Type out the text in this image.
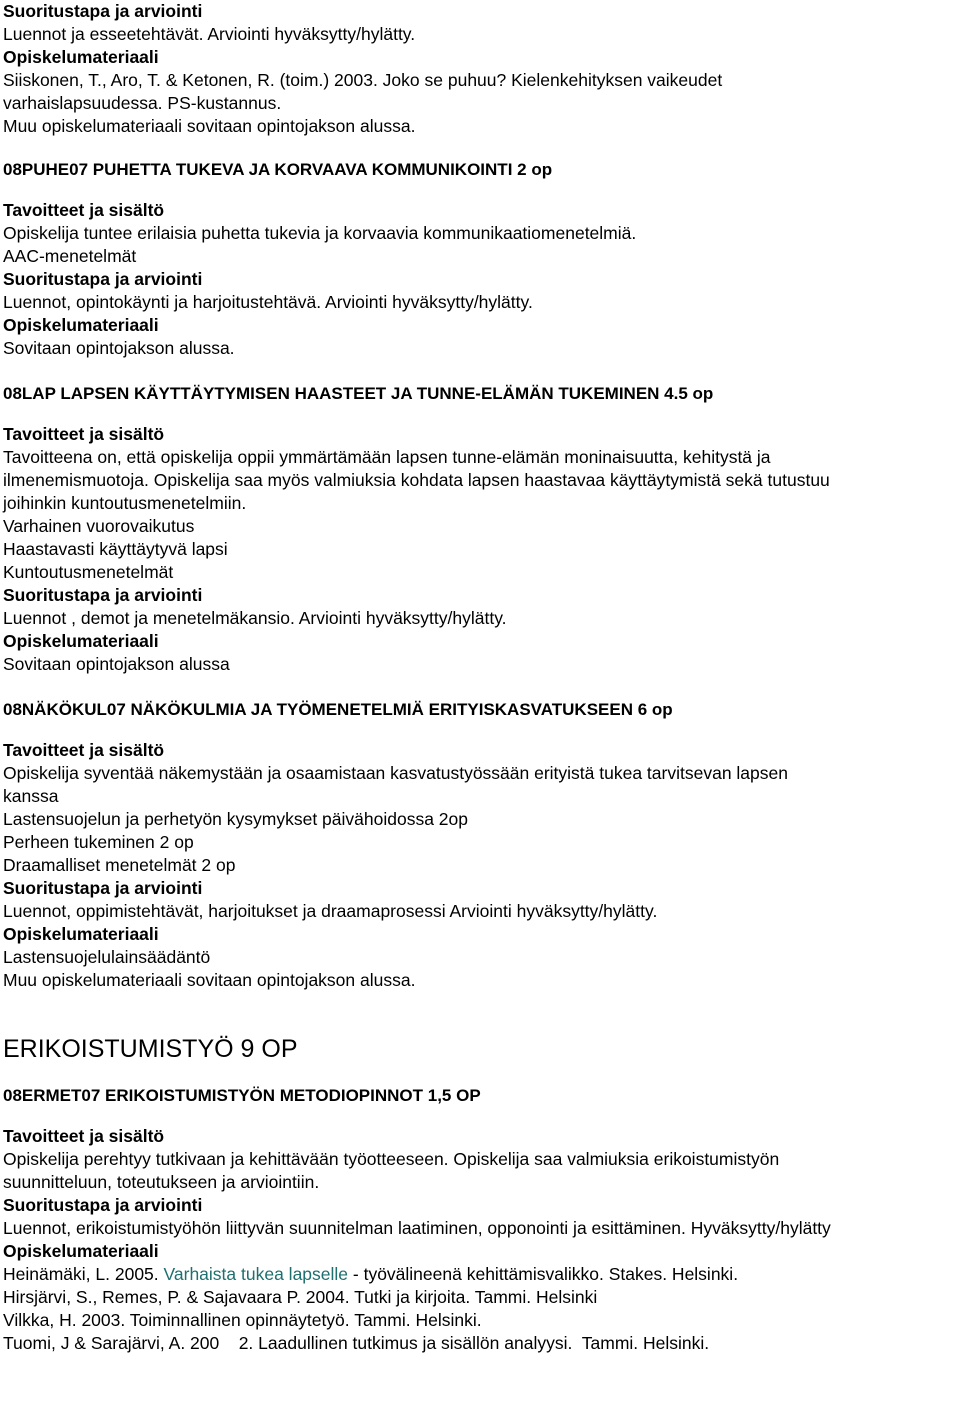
Suoritustapa ja arviointi
Luennot ja esseetehtävät. Arviointi hyväksytty/hylätty.
Opiskelumateriaali
Siiskonen, T., Aro, T. & Ketonen, R. (toim.) 2003. Joko se puhuu? Kielenkehityksen vaikeudet
varhaislapsuudessa. PS-kustannus.
Muu opiskelumateriaali sovitaan opintojakson alussa.
08PUHE07 PUHETTA TUKEVA JA KORVAAVA KOMMUNIKOINTI 2 op
Tavoitteet ja sisältö
Opiskelija tuntee erilaisia puhetta tukevia ja korvaavia kommunikaatiomenetelmiä.
AAC-menetelmät
Suoritustapa ja arviointi
Luennot, opintokäynti ja harjoitustehtävä. Arviointi hyväksytty/hylätty.
Opiskelumateriaali
Sovitaan opintojakson alussa.
08LAP LAPSEN KÄYTTÄYTYMISEN HAASTEET JA TUNNE-ELÄMÄN TUKEMINEN 4.5 op
Tavoitteet ja sisältö
Tavoitteena on, että opiskelija oppii ymmärtämään lapsen tunne-elämän moninaisuutta, kehitystä ja
ilmenemismuotoja. Opiskelija saa myös valmiuksia kohdata lapsen haastavaa käyttäytymistä sekä tutustuu
joihinkin kuntoutusmenetelmiin.
Varhainen vuorovaikutus
Haastavasti käyttäytyvä lapsi
Kuntoutusmenetelmät
Suoritustapa ja arviointi
Luennot , demot ja menetelmäkansio. Arviointi hyväksytty/hylätty.
Opiskelumateriaali
Sovitaan opintojakson alussa
08NÄKÖKUL07 NÄKÖKULMIA JA TYÖMENETELMIÄ ERITYISKASVATUKSEEN 6 op
Tavoitteet ja sisältö
Opiskelija syventää näkemystään ja osaamistaan kasvatustyössään erityistä tukea tarvitsevan lapsen
kanssa
Lastensuojelun ja perhetyön kysymykset päivähoidossa 2op
Perheen tukeminen 2 op
Draamalliset menetelmät 2 op
Suoritustapa ja arviointi
Luennot, oppimistehtävät, harjoitukset ja draamaprosessi Arviointi hyväksytty/hylätty.
Opiskelumateriaali
Lastensuojelulainsäädäntö
Muu opiskelumateriaali sovitaan opintojakson alussa.
ERIKOISTUMISTYÖ 9 OP
08ERMET07 ERIKOISTUMISTYÖN METODIOPINNOT 1,5 OP
Tavoitteet ja sisältö
Opiskelija perehtyy tutkivaan ja kehittävään työotteeseen. Opiskelija saa valmiuksia erikoistumistyön
suunnitteluun, toteutukseen ja arviointiin.
Suoritustapa ja arviointi
Luennot, erikoistumistyöhön liittyvän suunnitelman laatiminen, opponointi ja esittäminen. Hyväksytty/hylätty
Opiskelumateriaali
Heinämäki, L. 2005. Varhaista tukea lapselle - työvälineenä kehittämisvalikko. Stakes. Helsinki.
Hirsjärvi, S., Remes, P. & Sajavaara P. 2004. Tutki ja kirjoita. Tammi. Helsinki
Vilkka, H. 2003. Toiminnallinen opinnäytetyö. Tammi. Helsinki.
Tuomi, J & Sarajärvi, A. 200    2. Laadullinen tutkimus ja sisällön analyysi.  Tammi. Helsinki.
